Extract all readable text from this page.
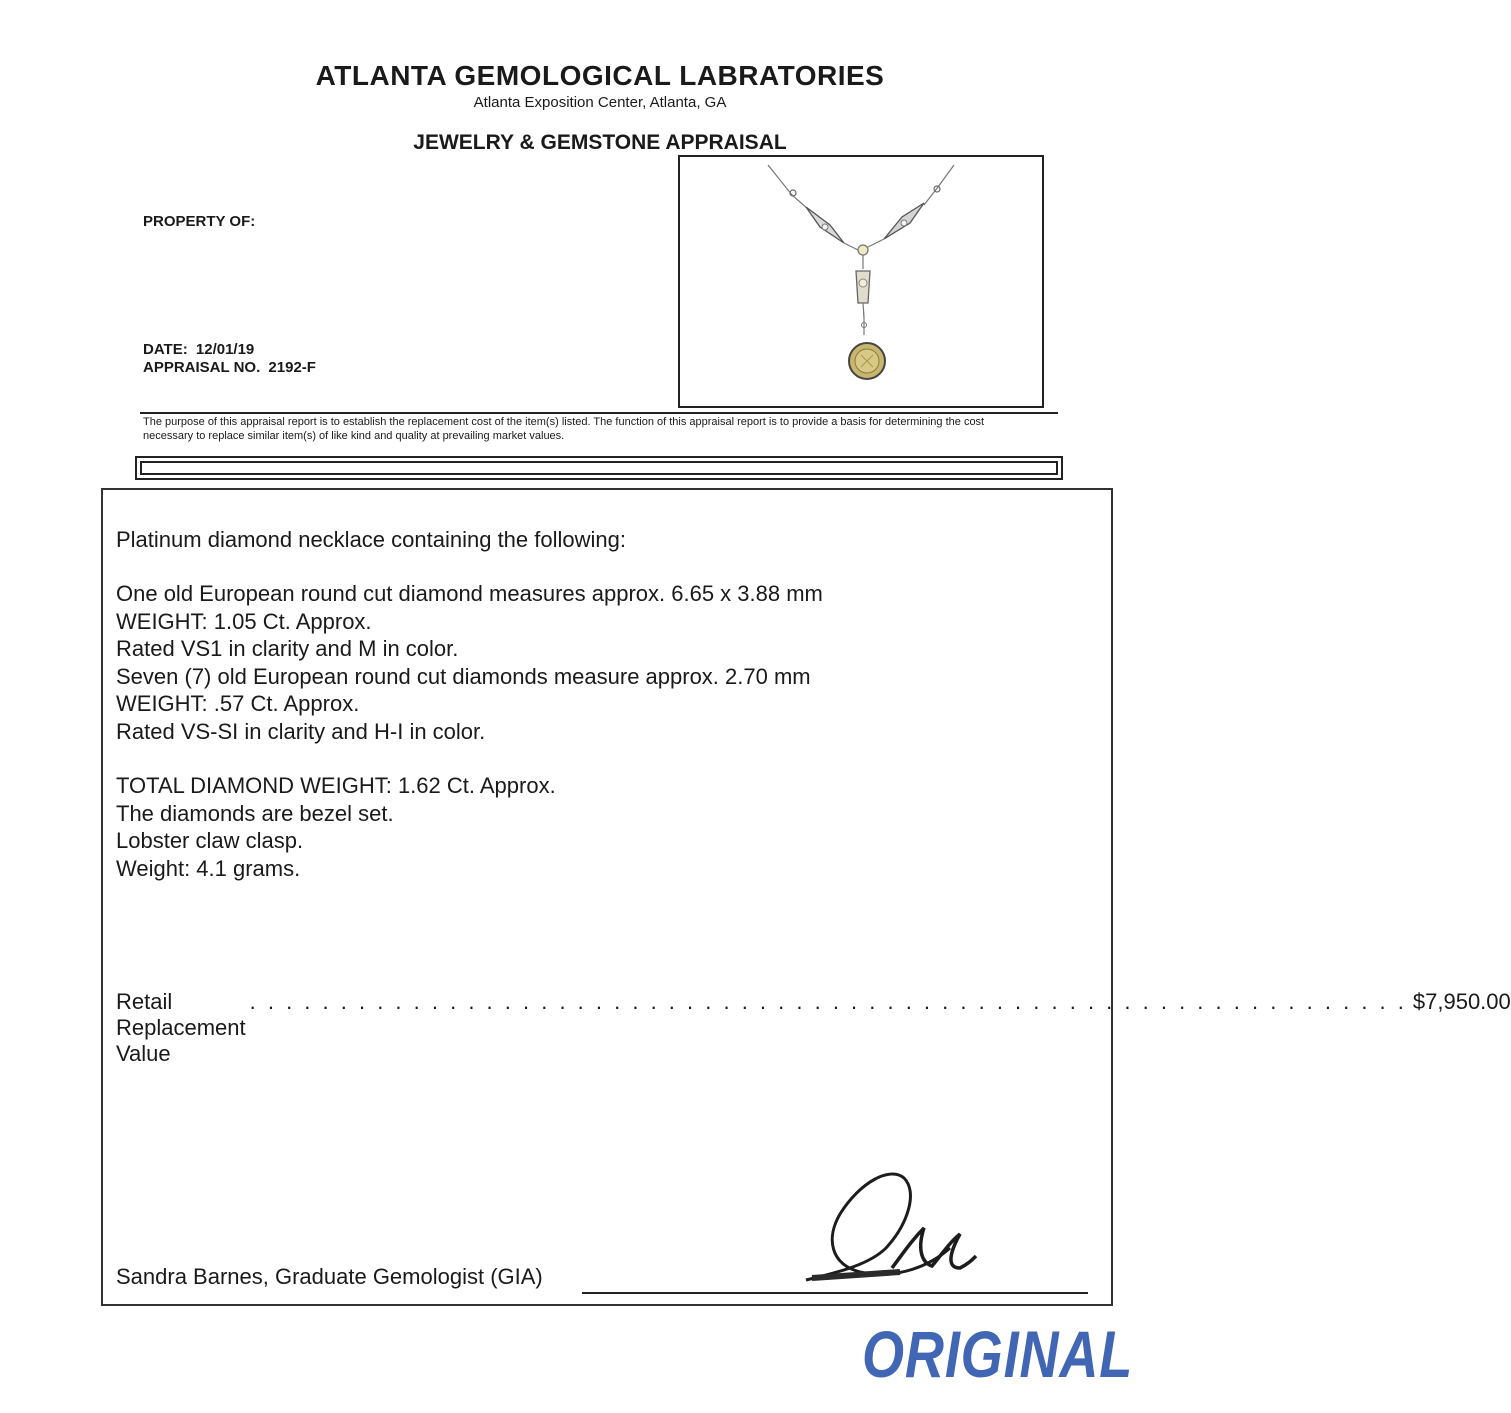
ATLANTA GEMOLOGICAL LABRATORIES
Atlanta Exposition Center, Atlanta, GA
JEWELRY & GEMSTONE APPRAISAL
PROPERTY OF:
DATE: 12/01/19
APPRAISAL NO. 2192-F
The purpose of this appraisal report is to establish the replacement cost of the item(s) listed. The function of this appraisal report is to provide a basis for determining the cost
necessary to replace similar item(s) of like kind and quality at prevailing market values.
Platinum diamond necklace containing the following:
One old European round cut diamond measures approx. 6.65 x 3.88 mm
WEIGHT: 1.05 Ct. Approx.
Rated VS1 in clarity and M in color.
Seven (7) old European round cut diamonds measure approx. 2.70 mm
WEIGHT: .57 Ct. Approx.
Rated VS-SI in clarity and H-I in color.
TOTAL DIAMOND WEIGHT: 1.62 Ct. Approx.
The diamonds are bezel set.
Lobster claw clasp.
Weight: 4.1 grams.
Retail Replacement Value
. . . . . . . . . . . . . . . . . . . . . . . . . . . . . . . . . . . . . . . . . . . . . . . . . . . . . . . . . . . . . . . . $7,950.00
Sandra Barnes, Graduate Gemologist (GIA)
ORIGINAL
